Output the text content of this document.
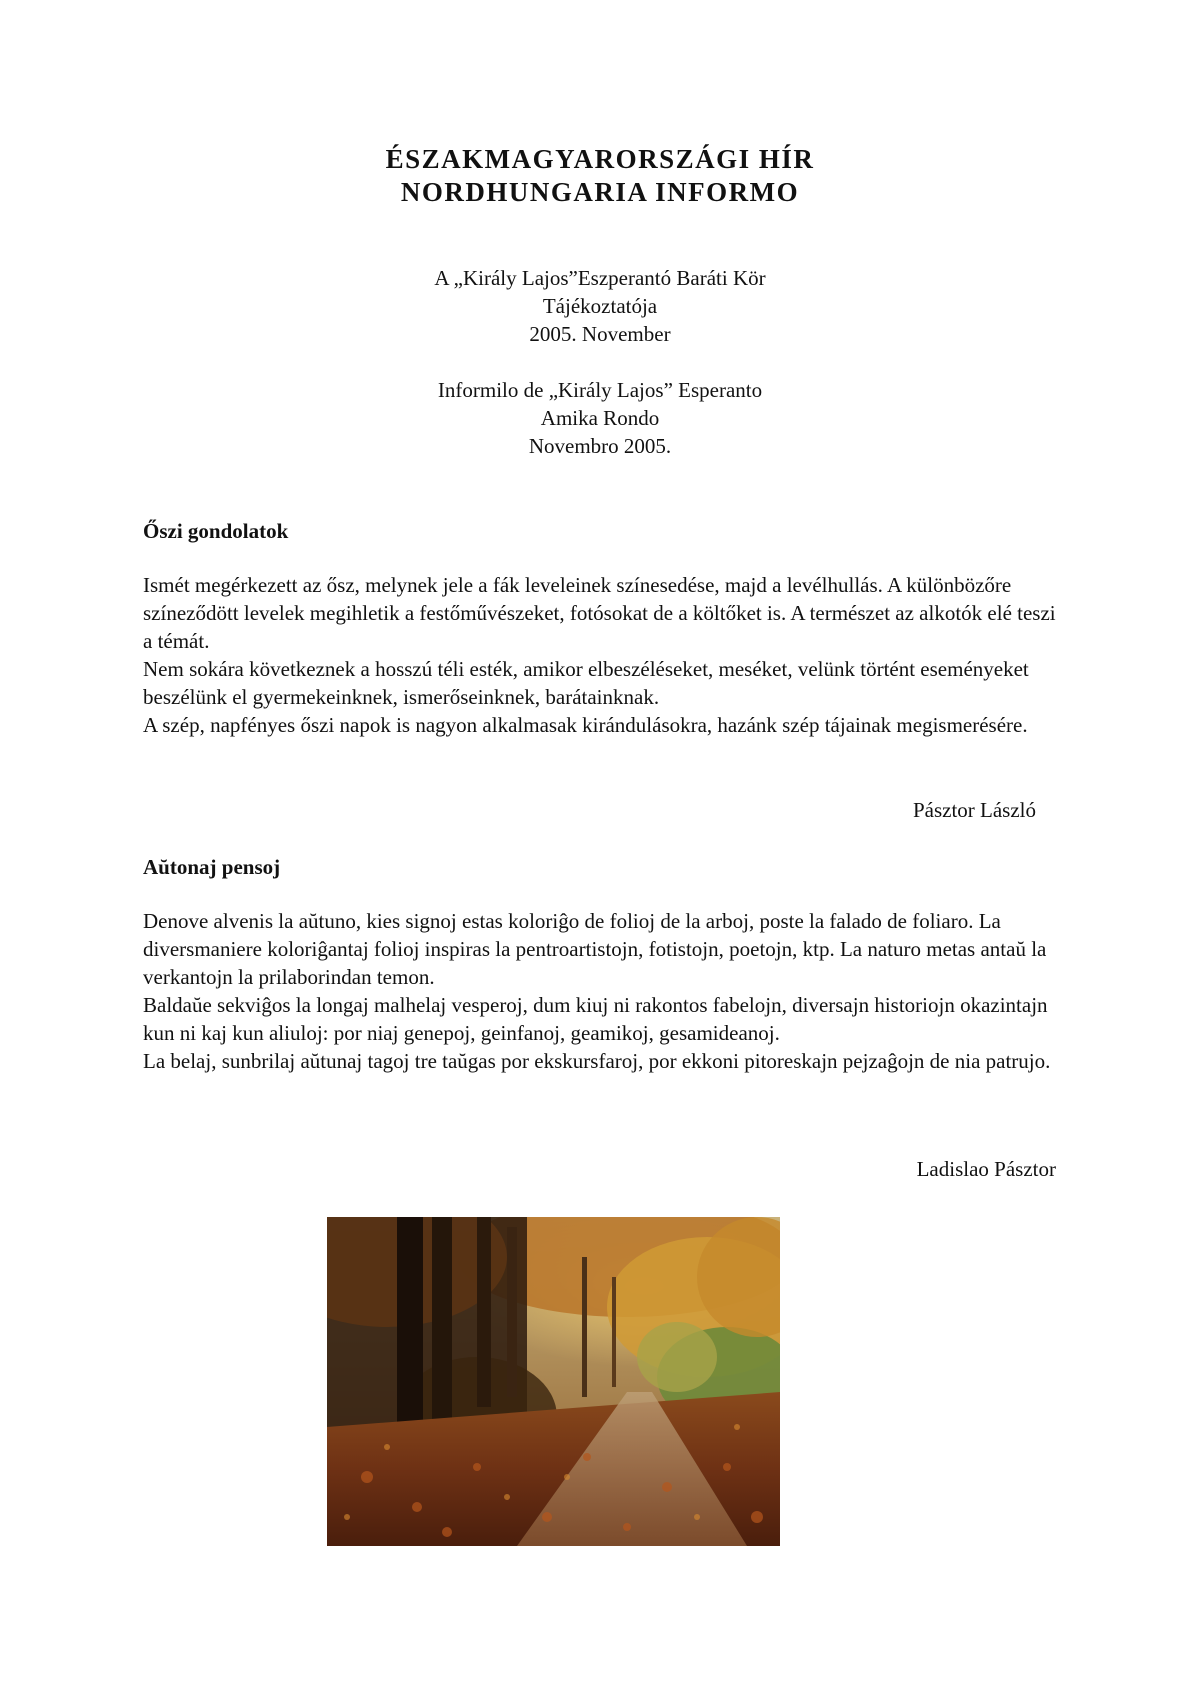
ÉSZAKMAGYARORSZÁGI HÍR
NORDHUNGARIA INFORMO
A „Király Lajos”Eszperantó Baráti Kör
Tájékoztatója
2005. November
Informilo de „Király Lajos” Esperanto
Amika Rondo
Novembro 2005.
Őszi gondolatok

Ismét megérkezett az ősz, melynek jele a fák leveleinek színesedése, majd a levélhullás. A különbözőre színeződött levelek megihletik a festőművészeket, fotósokat de a költőket is. A természet az alkotók elé teszi a témát.

Nem sokára következnek a hosszú téli esték, amikor elbeszéléseket, meséket, velünk történt eseményeket beszélünk el gyermekeinknek, ismerőseinknek, barátainknak.

A szép, napfényes őszi napok is nagyon alkalmasak kirándulásokra, hazánk szép tájainak megismerésére.

Pásztor László
Aŭtonaj pensoj

Denove alvenis la aŭtuno, kies signoj estas koloriĝo de folioj de la arboj, poste la falado de foliaro. La diversmaniere koloriĝantaj folioj inspiras la pentroartistojn, fotistojn, poetojn, ktp. La naturo metas antaŭ la verkantojn la prilaborindan temon.

Baldaŭe sekviĝos la longaj malhelaj vesperoj, dum kiuj ni rakontos fabelojn, diversajn historiojn okazintajn kun ni kaj kun aliuloj: por niaj genepoj, geinfanoj, geamikoj, gesamideanoj.

La belaj, sunbrilaj aŭtunaj tagoj tre taŭgas por ekskursfaroj, por ekkoni pitoreskajn pejzaĝojn de nia patrujo.

Ladislao Pásztor
